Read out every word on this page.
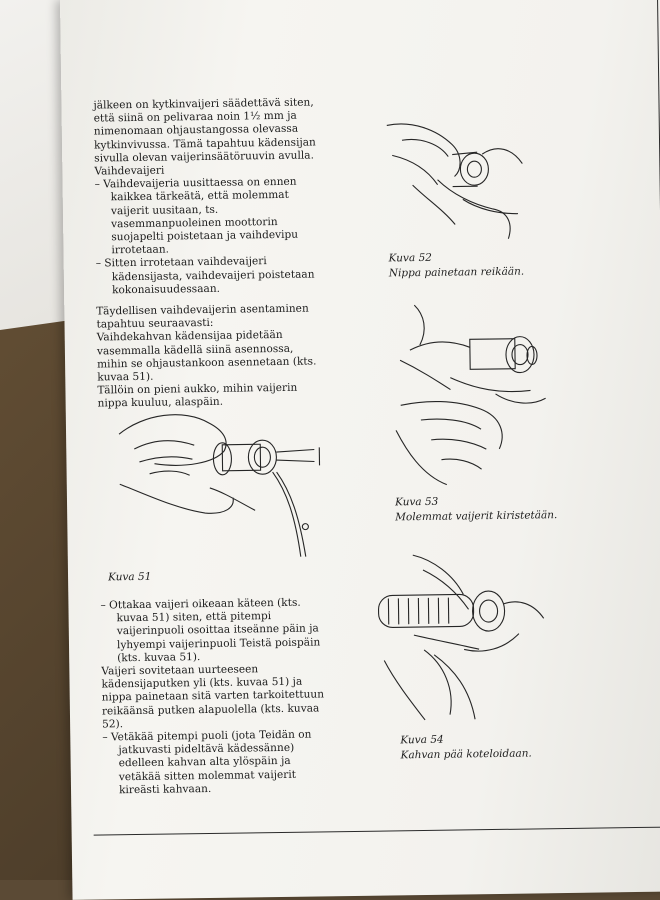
jälkeen on kytkinvaijeri säädettävä siten, että siinä on pelivaraa noin 1½ mm ja nimenomaan ohjaustangossa olevassa kytkinvivussa. Tämä tapahtuu kädensijan sivulla olevan vaijerinsäätöruuvin avulla.

Vaihdevaijeri

– Vaihdevaijeria uusittaessa on ennen kaikkea tärkeätä, että molemmat vaijerit uusitaan, ts. vasemmanpuoleinen moottorin suojapelti poistetaan ja vaihdevipu irrotetaan.

– Sitten irrotetaan vaihdevaijeri kädensijasta, vaihdevaijeri poistetaan kokonaisuudessaan.

Täydellisen vaihdevaijerin asentaminen tapahtuu seuraavasti:

Vaihdekahvan kädensijaa pidetään vasemmalla kädellä siinä asennossa, mihin se ohjaustankoon asennetaan (kts. kuvaa 51).

Tällöin on pieni aukko, mihin vaijerin nippa kuuluu, alaspäin.

Kuva 51

– Ottakaa vaijeri oikeaan käteen (kts. kuvaa 51) siten, että pitempi vaijerinpuoli osoittaa itseänne päin ja lyhyempi vaijerinpuoli Teistä poispäin (kts. kuvaa 51).

Vaijeri sovitetaan uurteeseen kädensijaputken yli (kts. kuvaa 51) ja nippa painetaan sitä varten tarkoitettuun reikäänsä putken alapuolella (kts. kuvaa 52).

– Vetäkää pitempi puoli (jota Teidän on jatkuvasti pideltävä kädessänne) edelleen kahvan alta ylöspäin ja vetäkää sitten molemmat vaijerit kireästi kahvaan.

Kuva 52
Nippa painetaan reikään.
Kuva 53
Molemmat vaijerit kiristetään.
Kuva 54
Kahvan pää koteloidaan.
